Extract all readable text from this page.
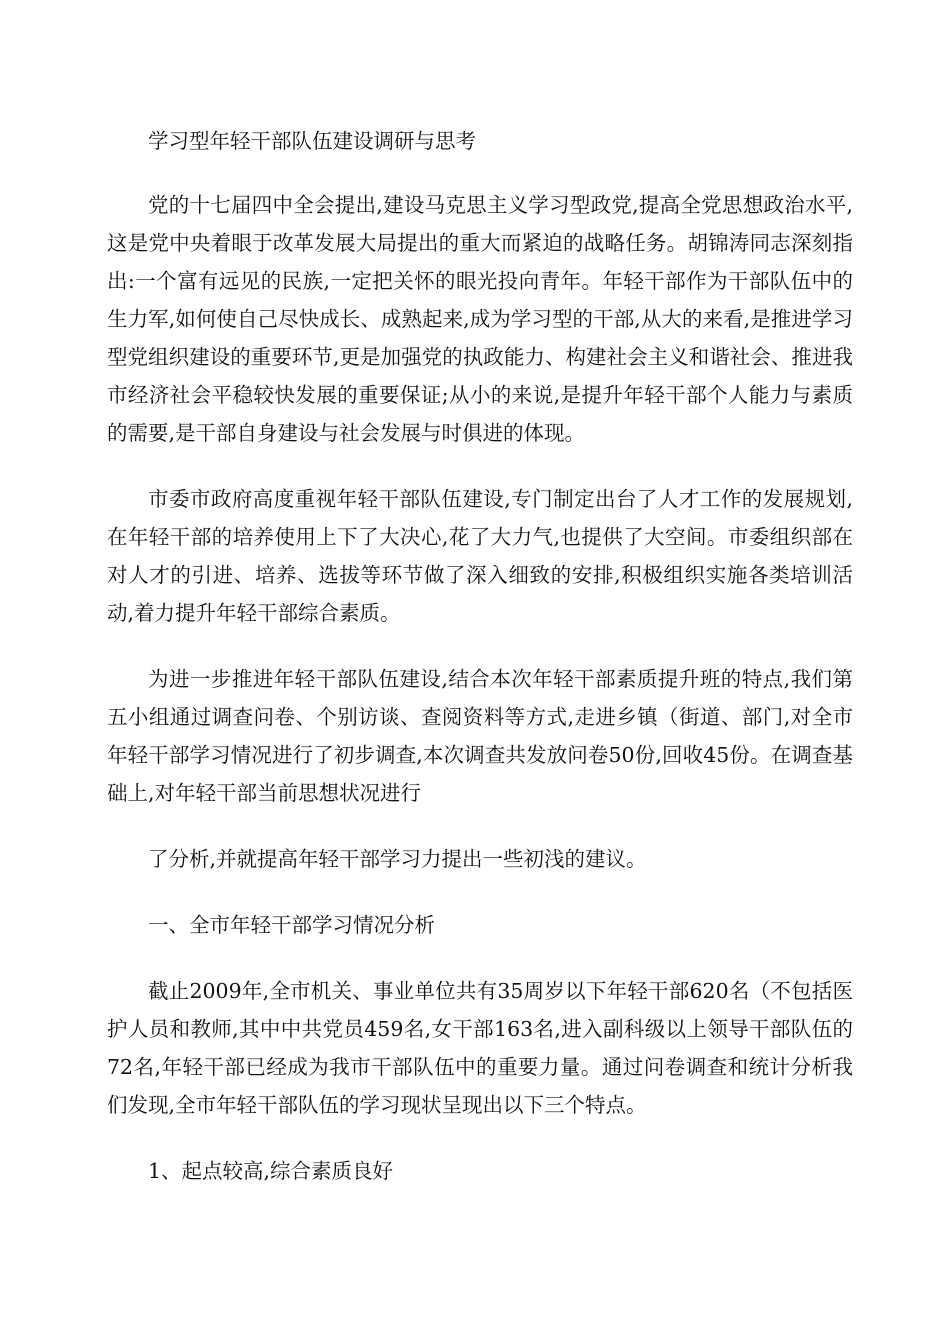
学习型年轻干部队伍建设调研与思考

党的十七届四中全会提出,建设马克思主义学习型政党,提高全党思想政治水平,这是党中央着眼于改革发展大局提出的重大而紧迫的战略任务。胡锦涛同志深刻指出:一个富有远见的民族,一定把关怀的眼光投向青年。年轻干部作为干部队伍中的生力军,如何使自己尽快成长、成熟起来,成为学习型的干部,从大的来看,是推进学习型党组织建设的重要环节,更是加强党的执政能力、构建社会主义和谐社会、推进我市经济社会平稳较快发展的重要保证;从小的来说,是提升年轻干部个人能力与素质的需要,是干部自身建设与社会发展与时俱进的体现。

市委市政府高度重视年轻干部队伍建设,专门制定出台了人才工作的发展规划,在年轻干部的培养使用上下了大决心,花了大力气,也提供了大空间。市委组织部在对人才的引进、培养、选拔等环节做了深入细致的安排,积极组织实施各类培训活动,着力提升年轻干部综合素质。

为进一步推进年轻干部队伍建设,结合本次年轻干部素质提升班的特点,我们第五小组通过调查问卷、个别访谈、查阅资料等方式,走进乡镇（街道、部门,对全市年轻干部学习情况进行了初步调查,本次调查共发放问卷50份,回收45份。在调查基础上,对年轻干部当前思想状况进行

了分析,并就提高年轻干部学习力提出一些初浅的建议。

一、全市年轻干部学习情况分析

截止2009年,全市机关、事业单位共有35周岁以下年轻干部620名（不包括医护人员和教师,其中中共党员459名,女干部163名,进入副科级以上领导干部队伍的72名,年轻干部已经成为我市干部队伍中的重要力量。通过问卷调查和统计分析我们发现,全市年轻干部队伍的学习现状呈现出以下三个特点。

1、起点较高,综合素质良好
